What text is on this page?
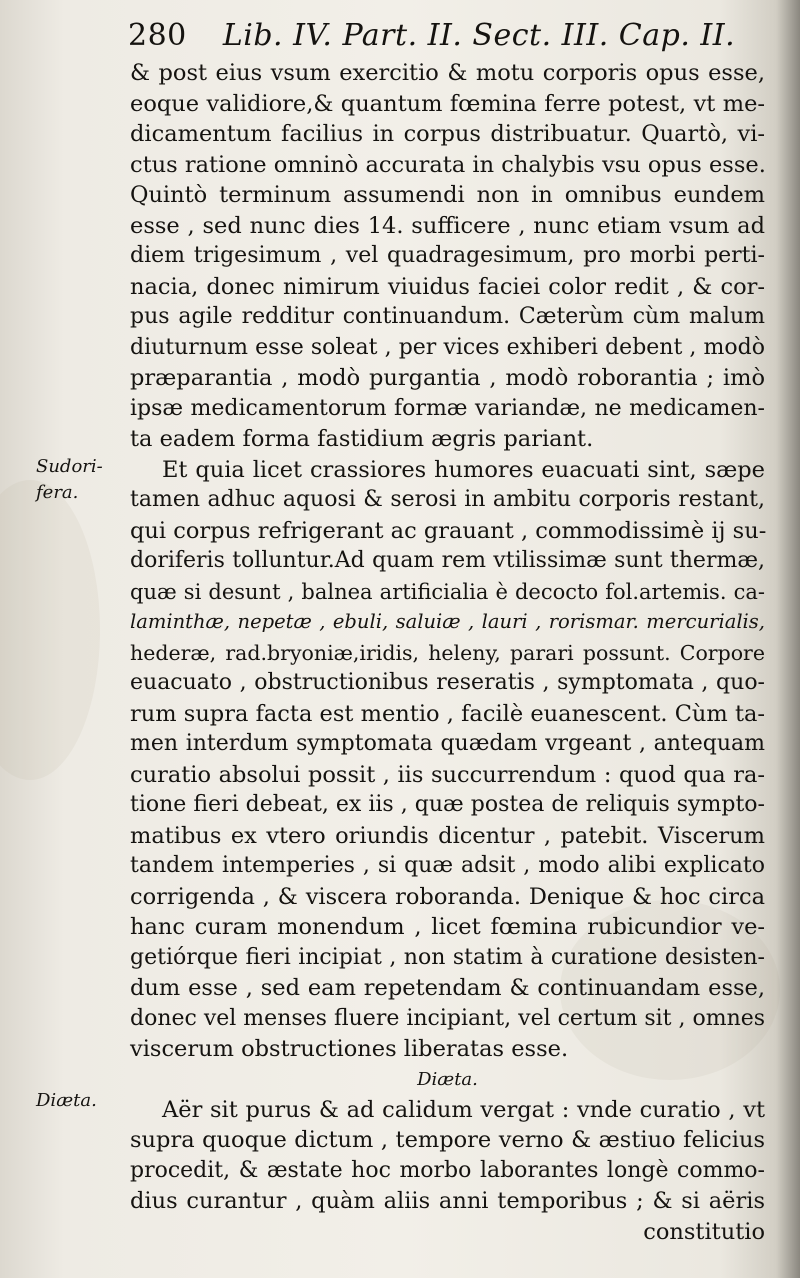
280 Lib. IV. Part. II. Sect. III. Cap. II.
Sudori-
fera.
Diæta.
& post eius vsum exercitio & motu corporis opus esse,
eoque validiore,& quantum fœmina ferre potest, vt me-
dicamentum facilius in corpus distribuatur. Quartò, vi-
ctus ratione omninò accurata in chalybis vsu opus esse.
Quintò terminum assumendi non in omnibus eundem
esse , sed nunc dies 14. sufficere , nunc etiam vsum ad
diem trigesimum , vel quadragesimum, pro morbi perti-
nacia, donec nimirum viuidus faciei color redit , & cor-
pus agile redditur continuandum. Cæterùm cùm malum
diuturnum esse soleat , per vices exhiberi debent , modò
præparantia , modò purgantia , modò roborantia ; imò
ipsæ medicamentorum formæ variandæ, ne medicamen-
ta eadem forma fastidium ægris pariant.
Et quia licet crassiores humores euacuati sint, sæpe
tamen adhuc aquosi & serosi in ambitu corporis restant,
qui corpus refrigerant ac grauant , commodissimè ij su-
doriferis tolluntur.Ad quam rem vtilissimæ sunt thermæ,
quæ si desunt , balnea artificialia è decocto fol.artemis. ca-
laminthæ, nepetæ , ebuli, saluiæ , lauri , rorismar. mercurialis,
hederæ, rad.bryoniæ,iridis, heleny, parari possunt. Corpore
euacuato , obstructionibus reseratis , symptomata , quo-
rum supra facta est mentio , facilè euanescent. Cùm ta-
men interdum symptomata quædam vrgeant , antequam
curatio absolui possit , iis succurrendum : quod qua ra-
tione fieri debeat, ex iis , quæ postea de reliquis sympto-
matibus ex vtero oriundis dicentur , patebit. Viscerum
tandem intemperies , si quæ adsit , modo alibi explicato
corrigenda , & viscera roboranda. Denique & hoc circa
hanc curam monendum , licet fœmina rubicundior ve-
getiórque fieri incipiat , non statim à curatione desisten-
dum esse , sed eam repetendam & continuandam esse,
donec vel menses fluere incipiant, vel certum sit , omnes
viscerum obstructiones liberatas esse.
Diæta.
Aër sit purus & ad calidum vergat : vnde curatio , vt
supra quoque dictum , tempore verno & æstiuo felicius
procedit, & æstate hoc morbo laborantes longè commo-
dius curantur , quàm aliis anni temporibus ; & si aëris
constitutio
